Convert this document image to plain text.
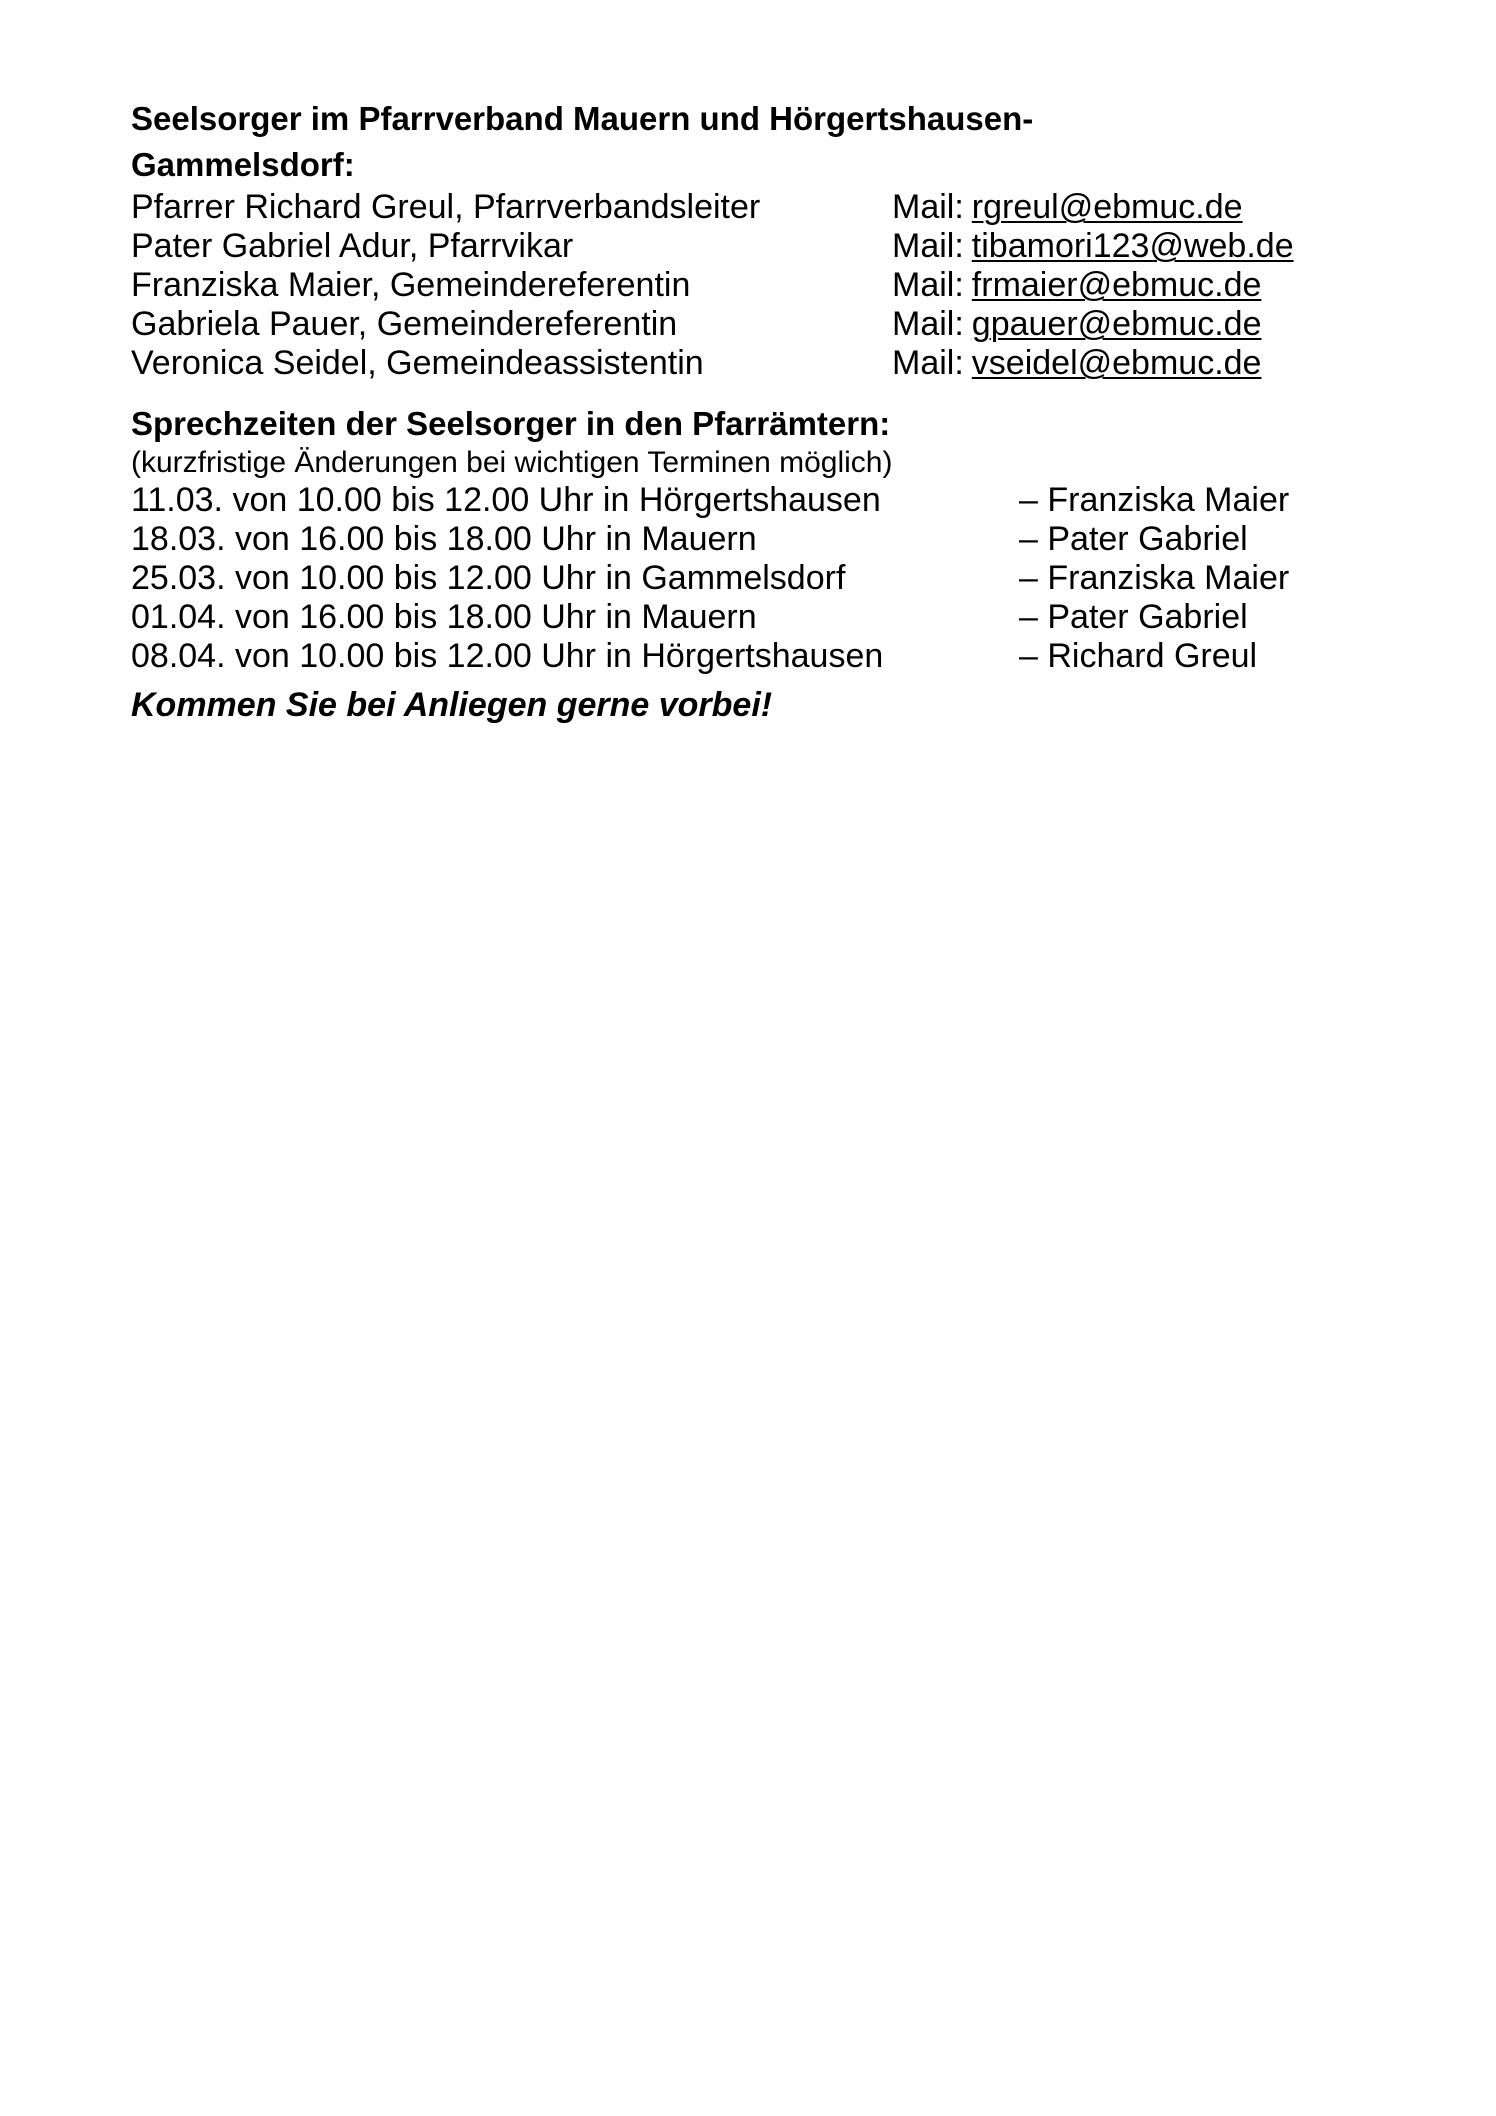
Seelsorger im Pfarrverband Mauern und Hörgertshausen-Gammelsdorf:
Pfarrer Richard Greul, Pfarrverbandsleiter	Mail: rgreul@ebmuc.de
Pater Gabriel Adur, Pfarrvikar	Mail: tibamori123@web.de
Franziska Maier, Gemeindereferentin	Mail: frmaier@ebmuc.de
Gabriela Pauer, Gemeindereferentin	Mail: gpauer@ebmuc.de
Veronica Seidel, Gemeindeassistentin	Mail: vseidel@ebmuc.de
Sprechzeiten der Seelsorger in den Pfarrämtern:
(kurzfristige Änderungen bei wichtigen Terminen möglich)
11.03. von 10.00 bis 12.00 Uhr in Hörgertshausen	– Franziska Maier
18.03. von 16.00 bis 18.00 Uhr in Mauern	– Pater Gabriel
25.03. von 10.00 bis 12.00 Uhr in Gammelsdorf	– Franziska Maier
01.04. von 16.00 bis 18.00 Uhr in Mauern	– Pater Gabriel
08.04. von 10.00 bis 12.00 Uhr in Hörgertshausen	– Richard Greul
Kommen Sie bei Anliegen gerne vorbei!
